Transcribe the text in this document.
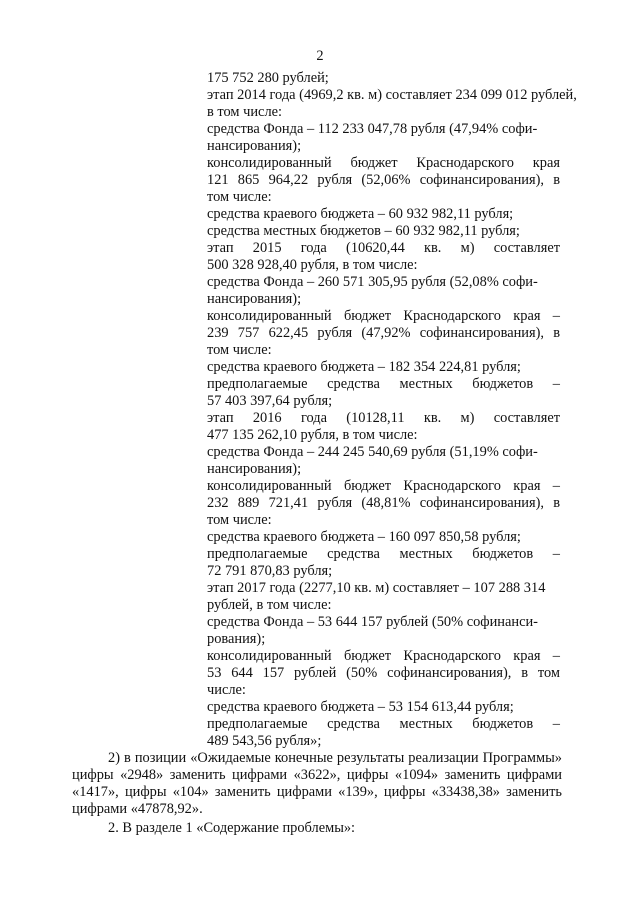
2
175 752 280 рублей;
этап 2014 года (4969,2 кв. м) составляет 234 099 012 рублей,
в том числе:
средства Фонда – 112 233 047,78 рубля (47,94% софи-
нансирования);
консолидированный бюджет Краснодарского края
121 865 964,22 рубля (52,06% софинансирования), в
том числе:
средства краевого бюджета – 60 932 982,11 рубля;
средства местных бюджетов – 60 932 982,11 рубля;
этап 2015 года (10620,44 кв. м) составляет
500 328 928,40 рубля, в том числе:
средства Фонда – 260 571 305,95 рубля (52,08% софи-
нансирования);
консолидированный бюджет Краснодарского края –
239 757 622,45 рубля (47,92% софинансирования), в
том числе:
средства краевого бюджета – 182 354 224,81 рубля;
предполагаемые средства местных бюджетов –
57 403 397,64 рубля;
этап 2016 года (10128,11 кв. м) составляет
477 135 262,10 рубля, в том числе:
средства Фонда – 244 245 540,69 рубля (51,19% софи-
нансирования);
консолидированный бюджет Краснодарского края –
232 889 721,41 рубля (48,81% софинансирования), в
том числе:
средства краевого бюджета – 160 097 850,58 рубля;
предполагаемые средства местных бюджетов –
72 791 870,83 рубля;
этап 2017 года (2277,10 кв. м) составляет – 107 288 314
рублей, в том числе:
средства Фонда – 53 644 157 рублей (50% софинанси-
рования);
консолидированный бюджет Краснодарского края –
53 644 157 рублей (50% софинансирования), в том
числе:
средства краевого бюджета – 53 154 613,44 рубля;
предполагаемые средства местных бюджетов –
489 543,56 рубля»;
2) в позиции «Ожидаемые конечные результаты реализации Программы»
цифры «2948» заменить цифрами «3622», цифры «1094» заменить цифрами
«1417», цифры «104» заменить цифрами «139», цифры «33438,38» заменить
цифрами «47878,92».
2. В разделе 1 «Содержание проблемы»:
